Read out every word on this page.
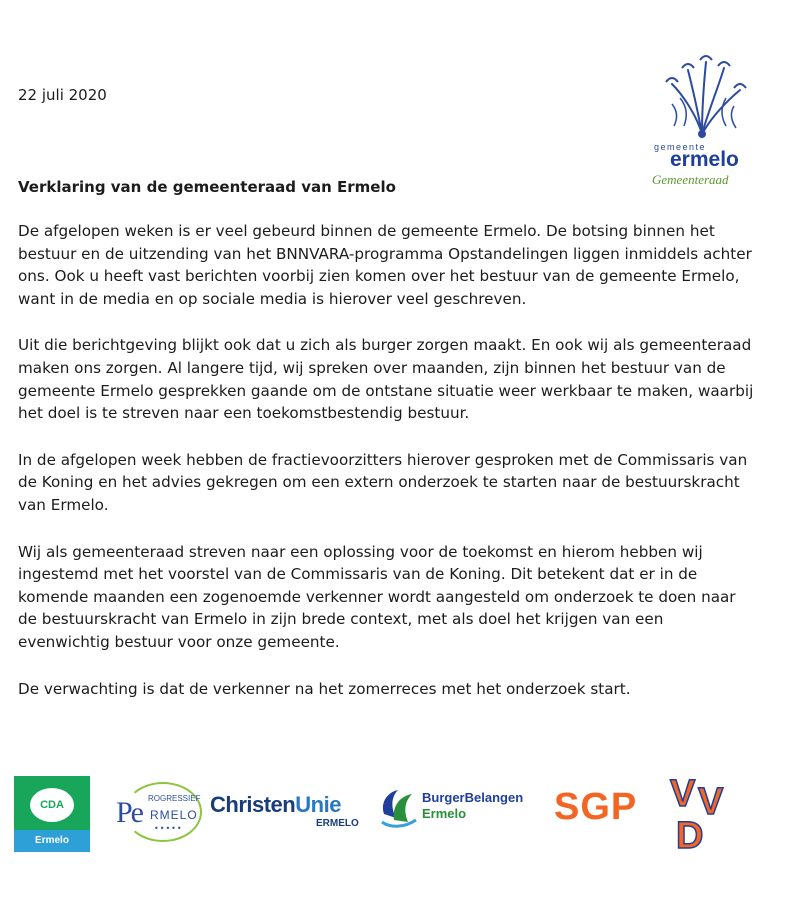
22 juli 2020
gemeente
ermelo
Gemeenteraad
Verklaring van de gemeenteraad van Ermelo

De afgelopen weken is er veel gebeurd binnen de gemeente Ermelo. De botsing binnen het bestuur en de uitzending van het BNNVARA-programma Opstandelingen liggen inmiddels achter ons. Ook u heeft vast berichten voorbij zien komen over het bestuur van de gemeente Ermelo, want in de media en op sociale media is hierover veel geschreven.

Uit die berichtgeving blijkt ook dat u zich als burger zorgen maakt. En ook wij als gemeenteraad maken ons zorgen. Al langere tijd, wij spreken over maanden, zijn binnen het bestuur van de gemeente Ermelo gesprekken gaande om de ontstane situatie weer werkbaar te maken, waarbij het doel is te streven naar een toekomstbestendig bestuur.

In de afgelopen week hebben de fractievoorzitters hierover gesproken met de Commissaris van de Koning en het advies gekregen om een extern onderzoek te starten naar de bestuurskracht van Ermelo.

Wij als gemeenteraad streven naar een oplossing voor de toekomst en hierom hebben wij ingestemd met het voorstel van de Commissaris van de Koning. Dit betekent dat er in de komende maanden een zogenoemde verkenner wordt aangesteld om onderzoek te doen naar de bestuurskracht van Ermelo in zijn brede context, met als doel het krijgen van een evenwichtig bestuur voor onze gemeente.

De verwachting is dat de verkenner na het zomerreces met het onderzoek start.

CDA
Ermelo
Pe ROGRESSIEF
RMELO
•••••
ChristenUnie
ERMELO
BurgerBelangen
Ermelo SGP V V
D
